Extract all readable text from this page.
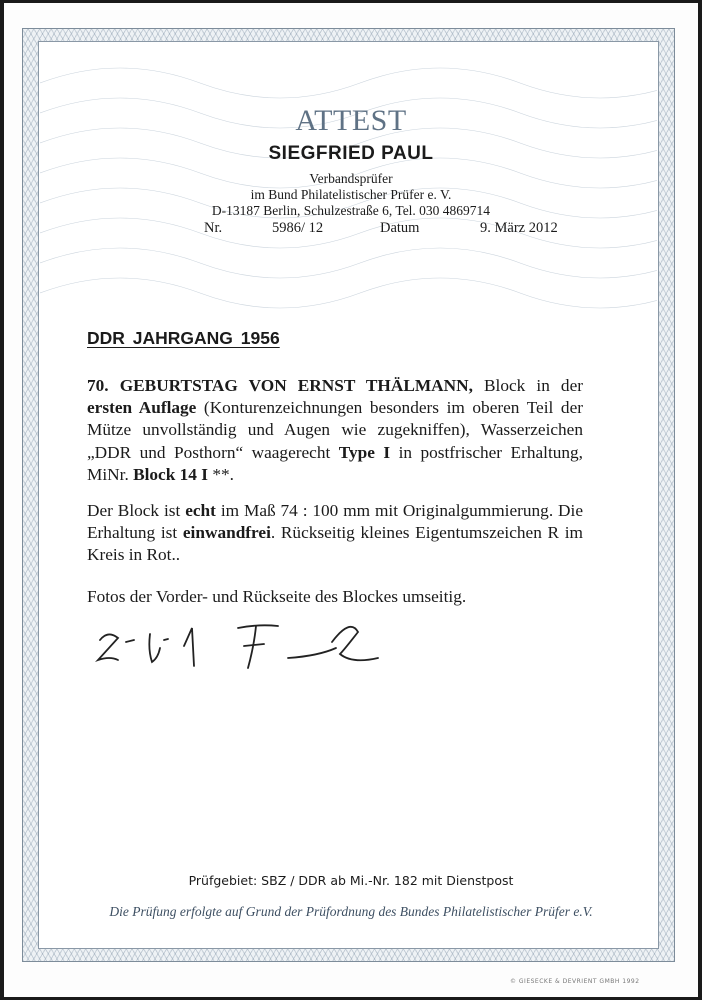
ATTEST
SIEGFRIED PAUL
Verbandsprüfer
im Bund Philatelistischer Prüfer e. V.
D-13187 Berlin, Schulzestraße 6, Tel. 030 4869714
Nr.	5986/ 12	Datum	9. März 2012
DDR JAHRGANG 1956
70. GEBURTSTAG VON ERNST THÄLMANN, Block in der ersten Auflage (Konturenzeichnungen besonders im oberen Teil der Mütze unvollständig und Augen wie zugekniffen), Wasserzeichen „DDR und Posthorn“ waagerecht Type I in postfrischer Erhaltung, MiNr. Block 14 I **.
Der Block ist echt im Maß 74 : 100 mm mit Originalgummierung. Die Erhaltung ist einwandfrei. Rückseitig kleines Eigentumszeichen R im Kreis in Rot..
Fotos der Vorder- und Rückseite des Blockes umseitig.
Prüfgebiet: SBZ / DDR ab Mi.-Nr. 182 mit Dienstpost
Die Prüfung erfolgte auf Grund der Prüfordnung des Bundes Philatelistischer Prüfer e.V.
© GIESECKE & DEVRIENT GMBH 1992
